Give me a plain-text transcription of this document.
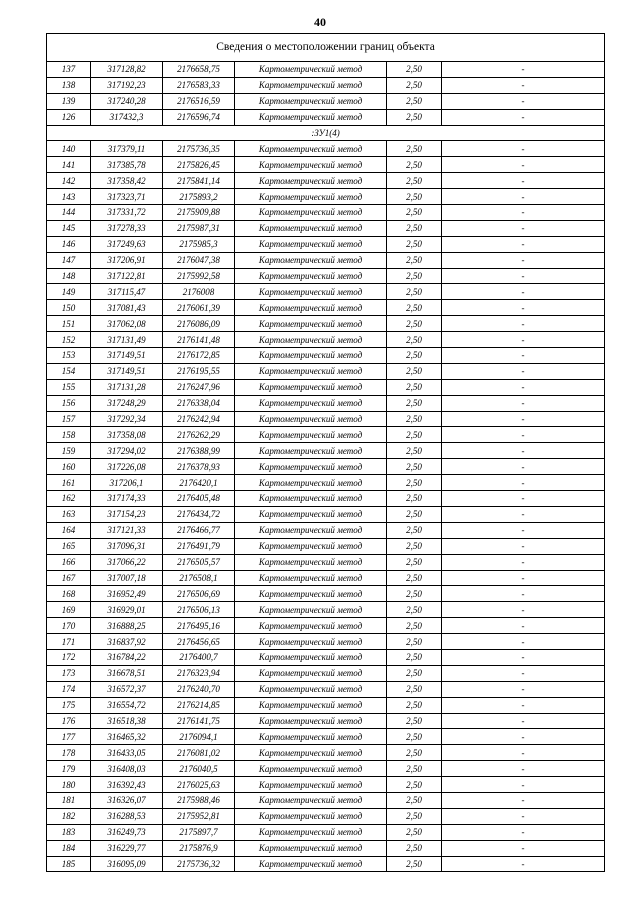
40
Сведения о местоположении границ объекта					
137	317128,82	2176658,75	Картометрический метод	2,50	-
138	317192,23	2176583,33	Картометрический метод	2,50	-
139	317240,28	2176516,59	Картометрический метод	2,50	-
126	317432,3	2176596,74	Картометрический метод	2,50	-
:ЗУ1(4)					
140	317379,11	2175736,35	Картометрический метод	2,50	-
141	317385,78	2175826,45	Картометрический метод	2,50	-
142	317358,42	2175841,14	Картометрический метод	2,50	-
143	317323,71	2175893,2	Картометрический метод	2,50	-
144	317331,72	2175909,88	Картометрический метод	2,50	-
145	317278,33	2175987,31	Картометрический метод	2,50	-
146	317249,63	2175985,3	Картометрический метод	2,50	-
147	317206,91	2176047,38	Картометрический метод	2,50	-
148	317122,81	2175992,58	Картометрический метод	2,50	-
149	317115,47	2176008	Картометрический метод	2,50	-
150	317081,43	2176061,39	Картометрический метод	2,50	-
151	317062,08	2176086,09	Картометрический метод	2,50	-
152	317131,49	2176141,48	Картометрический метод	2,50	-
153	317149,51	2176172,85	Картометрический метод	2,50	-
154	317149,51	2176195,55	Картометрический метод	2,50	-
155	317131,28	2176247,96	Картометрический метод	2,50	-
156	317248,29	2176338,04	Картометрический метод	2,50	-
157	317292,34	2176242,94	Картометрический метод	2,50	-
158	317358,08	2176262,29	Картометрический метод	2,50	-
159	317294,02	2176388,99	Картометрический метод	2,50	-
160	317226,08	2176378,93	Картометрический метод	2,50	-
161	317206,1	2176420,1	Картометрический метод	2,50	-
162	317174,33	2176405,48	Картометрический метод	2,50	-
163	317154,23	2176434,72	Картометрический метод	2,50	-
164	317121,33	2176466,77	Картометрический метод	2,50	-
165	317096,31	2176491,79	Картометрический метод	2,50	-
166	317066,22	2176505,57	Картометрический метод	2,50	-
167	317007,18	2176508,1	Картометрический метод	2,50	-
168	316952,49	2176506,69	Картометрический метод	2,50	-
169	316929,01	2176506,13	Картометрический метод	2,50	-
170	316888,25	2176495,16	Картометрический метод	2,50	-
171	316837,92	2176456,65	Картометрический метод	2,50	-
172	316784,22	2176400,7	Картометрический метод	2,50	-
173	316678,51	2176323,94	Картометрический метод	2,50	-
174	316572,37	2176240,70	Картометрический метод	2,50	-
175	316554,72	2176214,85	Картометрический метод	2,50	-
176	316518,38	2176141,75	Картометрический метод	2,50	-
177	316465,32	2176094,1	Картометрический метод	2,50	-
178	316433,05	2176081,02	Картометрический метод	2,50	-
179	316408,03	2176040,5	Картометрический метод	2,50	-
180	316392,43	2176025,63	Картометрический метод	2,50	-
181	316326,07	2175988,46	Картометрический метод	2,50	-
182	316288,53	2175952,81	Картометрический метод	2,50	-
183	316249,73	2175897,7	Картометрический метод	2,50	-
184	316229,77	2175876,9	Картометрический метод	2,50	-
185	316095,09	2175736,32	Картометрический метод	2,50	-
